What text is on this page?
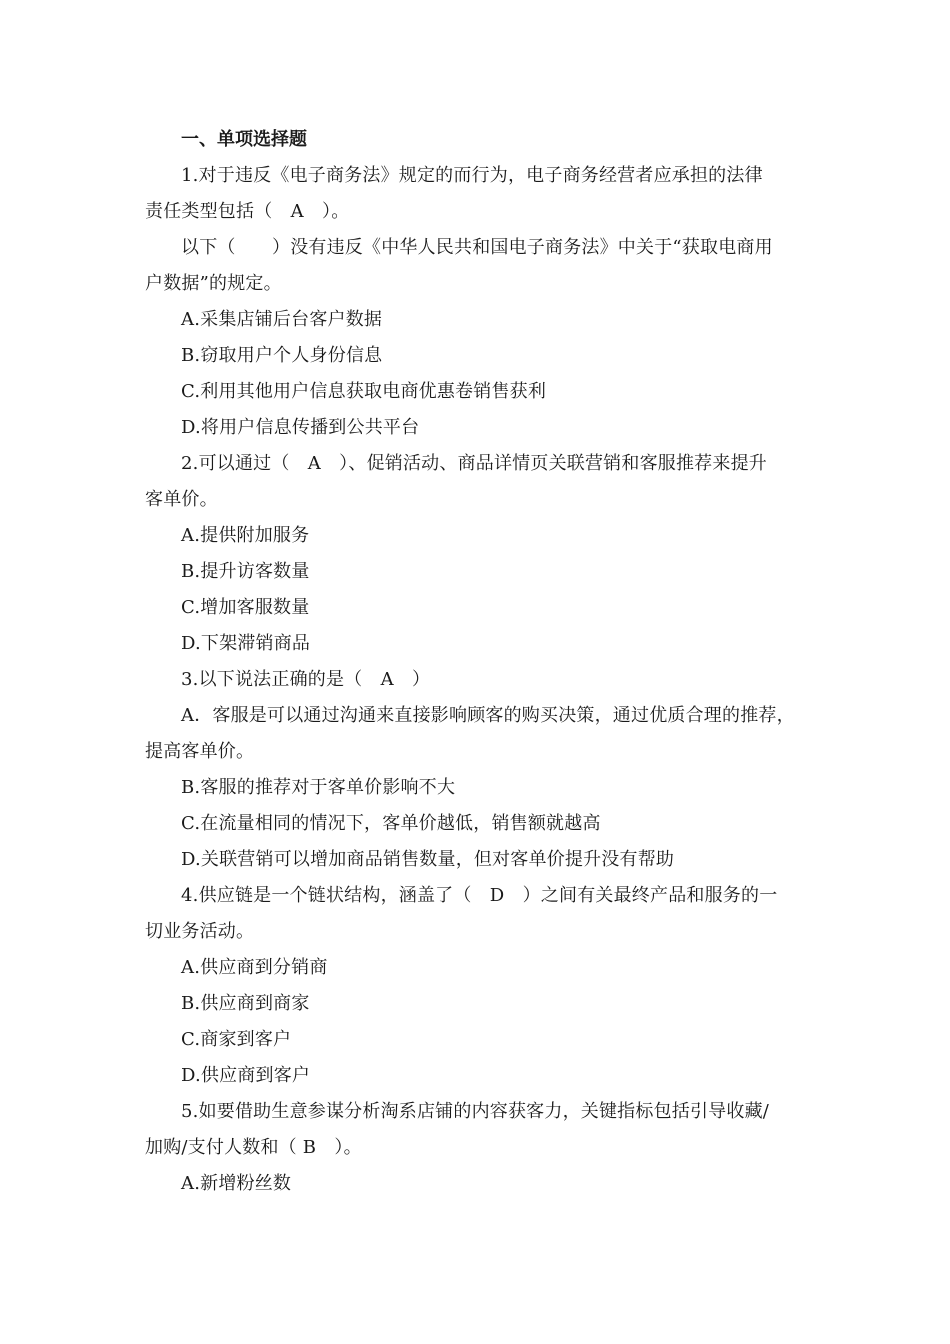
一、单项选择题
1.对于违反《电子商务法》规定的而行为，电子商务经营者应承担的法律
责任类型包括（　A　）。
以下（　　）没有违反《中华人民共和国电子商务法》中关于“获取电商用
户数据”的规定。
A.采集店铺后台客户数据
B.窃取用户个人身份信息
C.利用其他用户信息获取电商优惠卷销售获利
D.将用户信息传播到公共平台
2.可以通过（　A　）、促销活动、商品详情页关联营销和客服推荐来提升
客单价。
A.提供附加服务
B.提升访客数量
C.增加客服数量
D.下架滞销商品
3.以下说法正确的是（　A　）
A．客服是可以通过沟通来直接影响顾客的购买决策，通过优质合理的推荐，
提高客单价。
B.客服的推荐对于客单价影响不大
C.在流量相同的情况下，客单价越低，销售额就越高
D.关联营销可以增加商品销售数量，但对客单价提升没有帮助
4.供应链是一个链状结构，涵盖了（　D　）之间有关最终产品和服务的一
切业务活动。
A.供应商到分销商
B.供应商到商家
C.商家到客户
D.供应商到客户
5.如要借助生意参谋分析淘系店铺的内容获客力，关键指标包括引导收藏/
加购/支付人数和（ B　）。
A.新增粉丝数
